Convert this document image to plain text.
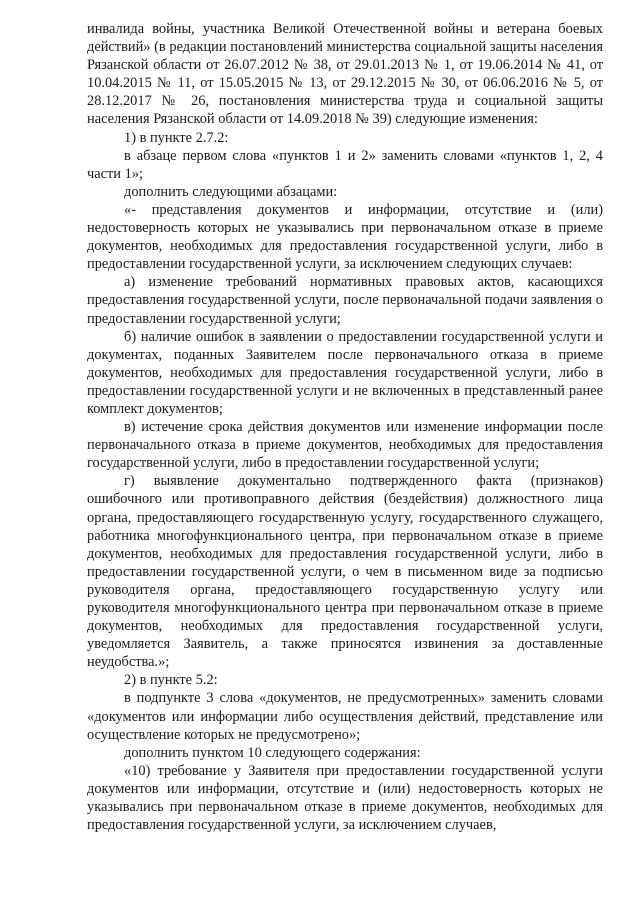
инвалида войны, участника Великой Отечественной войны и ветерана боевых действий» (в редакции постановлений министерства социальной защиты населения Рязанской области от 26.07.2012 № 38, от 29.01.2013 № 1, от 19.06.2014 № 41, от 10.04.2015 № 11, от 15.05.2015 № 13, от 29.12.2015 № 30, от 06.06.2016 № 5, от 28.12.2017 № 26, постановления министерства труда и социальной защиты населения Рязанской области от 14.09.2018 № 39) следующие изменения:

1) в пункте 2.7.2:

в абзаце первом слова «пунктов 1 и 2» заменить словами «пунктов 1, 2, 4 части 1»;

дополнить следующими абзацами:

«- представления документов и информации, отсутствие и (или) недостоверность которых не указывались при первоначальном отказе в приеме документов, необходимых для предоставления государственной услуги, либо в предоставлении государственной услуги, за исключением следующих случаев:

а) изменение требований нормативных правовых актов, касающихся предоставления государственной услуги, после первоначальной подачи заявления о предоставлении государственной услуги;

б) наличие ошибок в заявлении о предоставлении государственной услуги и документах, поданных Заявителем после первоначального отказа в приеме документов, необходимых для предоставления государственной услуги, либо в предоставлении государственной услуги и не включенных в представленный ранее комплект документов;

в) истечение срока действия документов или изменение информации после первоначального отказа в приеме документов, необходимых для предоставления государственной услуги, либо в предоставлении государственной услуги;

г) выявление документально подтвержденного факта (признаков) ошибочного или противоправного действия (бездействия) должностного лица органа, предоставляющего государственную услугу, государственного служащего, работника многофункционального центра, при первоначальном отказе в приеме документов, необходимых для предоставления государственной услуги, либо в предоставлении государственной услуги, о чем в письменном виде за подписью руководителя органа, предоставляющего государственную услугу или руководителя многофункционального центра при первоначальном отказе в приеме документов, необходимых для предоставления государственной услуги, уведомляется Заявитель, а также приносятся извинения за доставленные неудобства.»;

2) в пункте 5.2:

в подпункте 3 слова «документов, не предусмотренных» заменить словами «документов или информации либо осуществления действий, представление или осуществление которых не предусмотрено»;

дополнить пунктом 10 следующего содержания:

«10) требование у Заявителя при предоставлении государственной услуги документов или информации, отсутствие и (или) недостоверность которых не указывались при первоначальном отказе в приеме документов, необходимых для предоставления государственной услуги, за исключением случаев,
